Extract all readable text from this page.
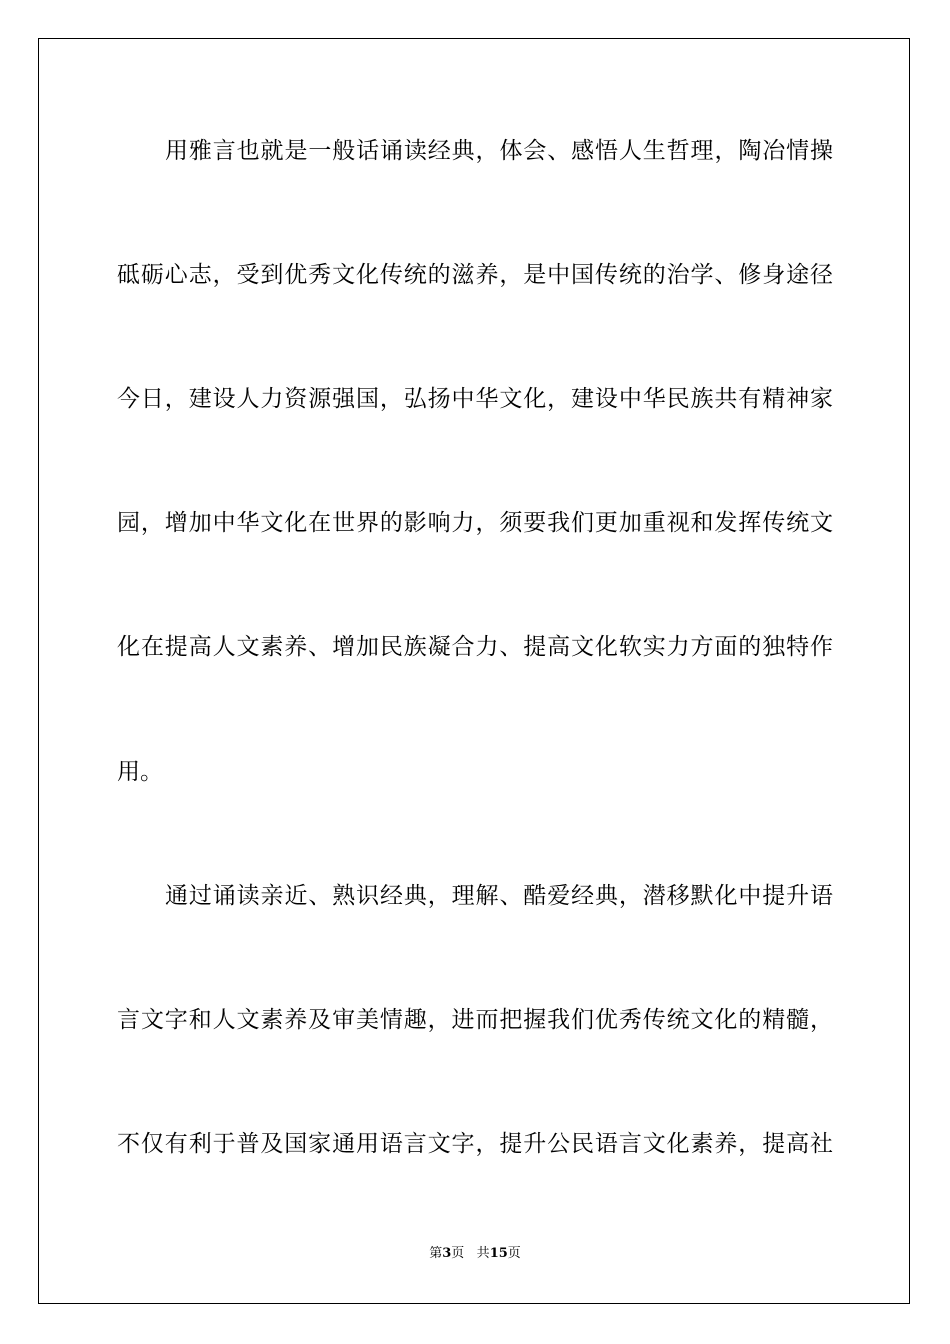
用雅言也就是一般话诵读经典，体会、感悟人生哲理，陶冶情操
砥砺心志，受到优秀文化传统的滋养，是中国传统的治学、修身途径
今日，建设人力资源强国，弘扬中华文化，建设中华民族共有精神家
园，增加中华文化在世界的影响力，须要我们更加重视和发挥传统文
化在提高人文素养、增加民族凝合力、提高文化软实力方面的独特作
用。
通过诵读亲近、熟识经典，理解、酷爱经典，潜移默化中提升语
言文字和人文素养及审美情趣，进而把握我们优秀传统文化的精髓，
不仅有利于普及国家通用语言文字，提升公民语言文化素养，提高社
第3页 共15页
